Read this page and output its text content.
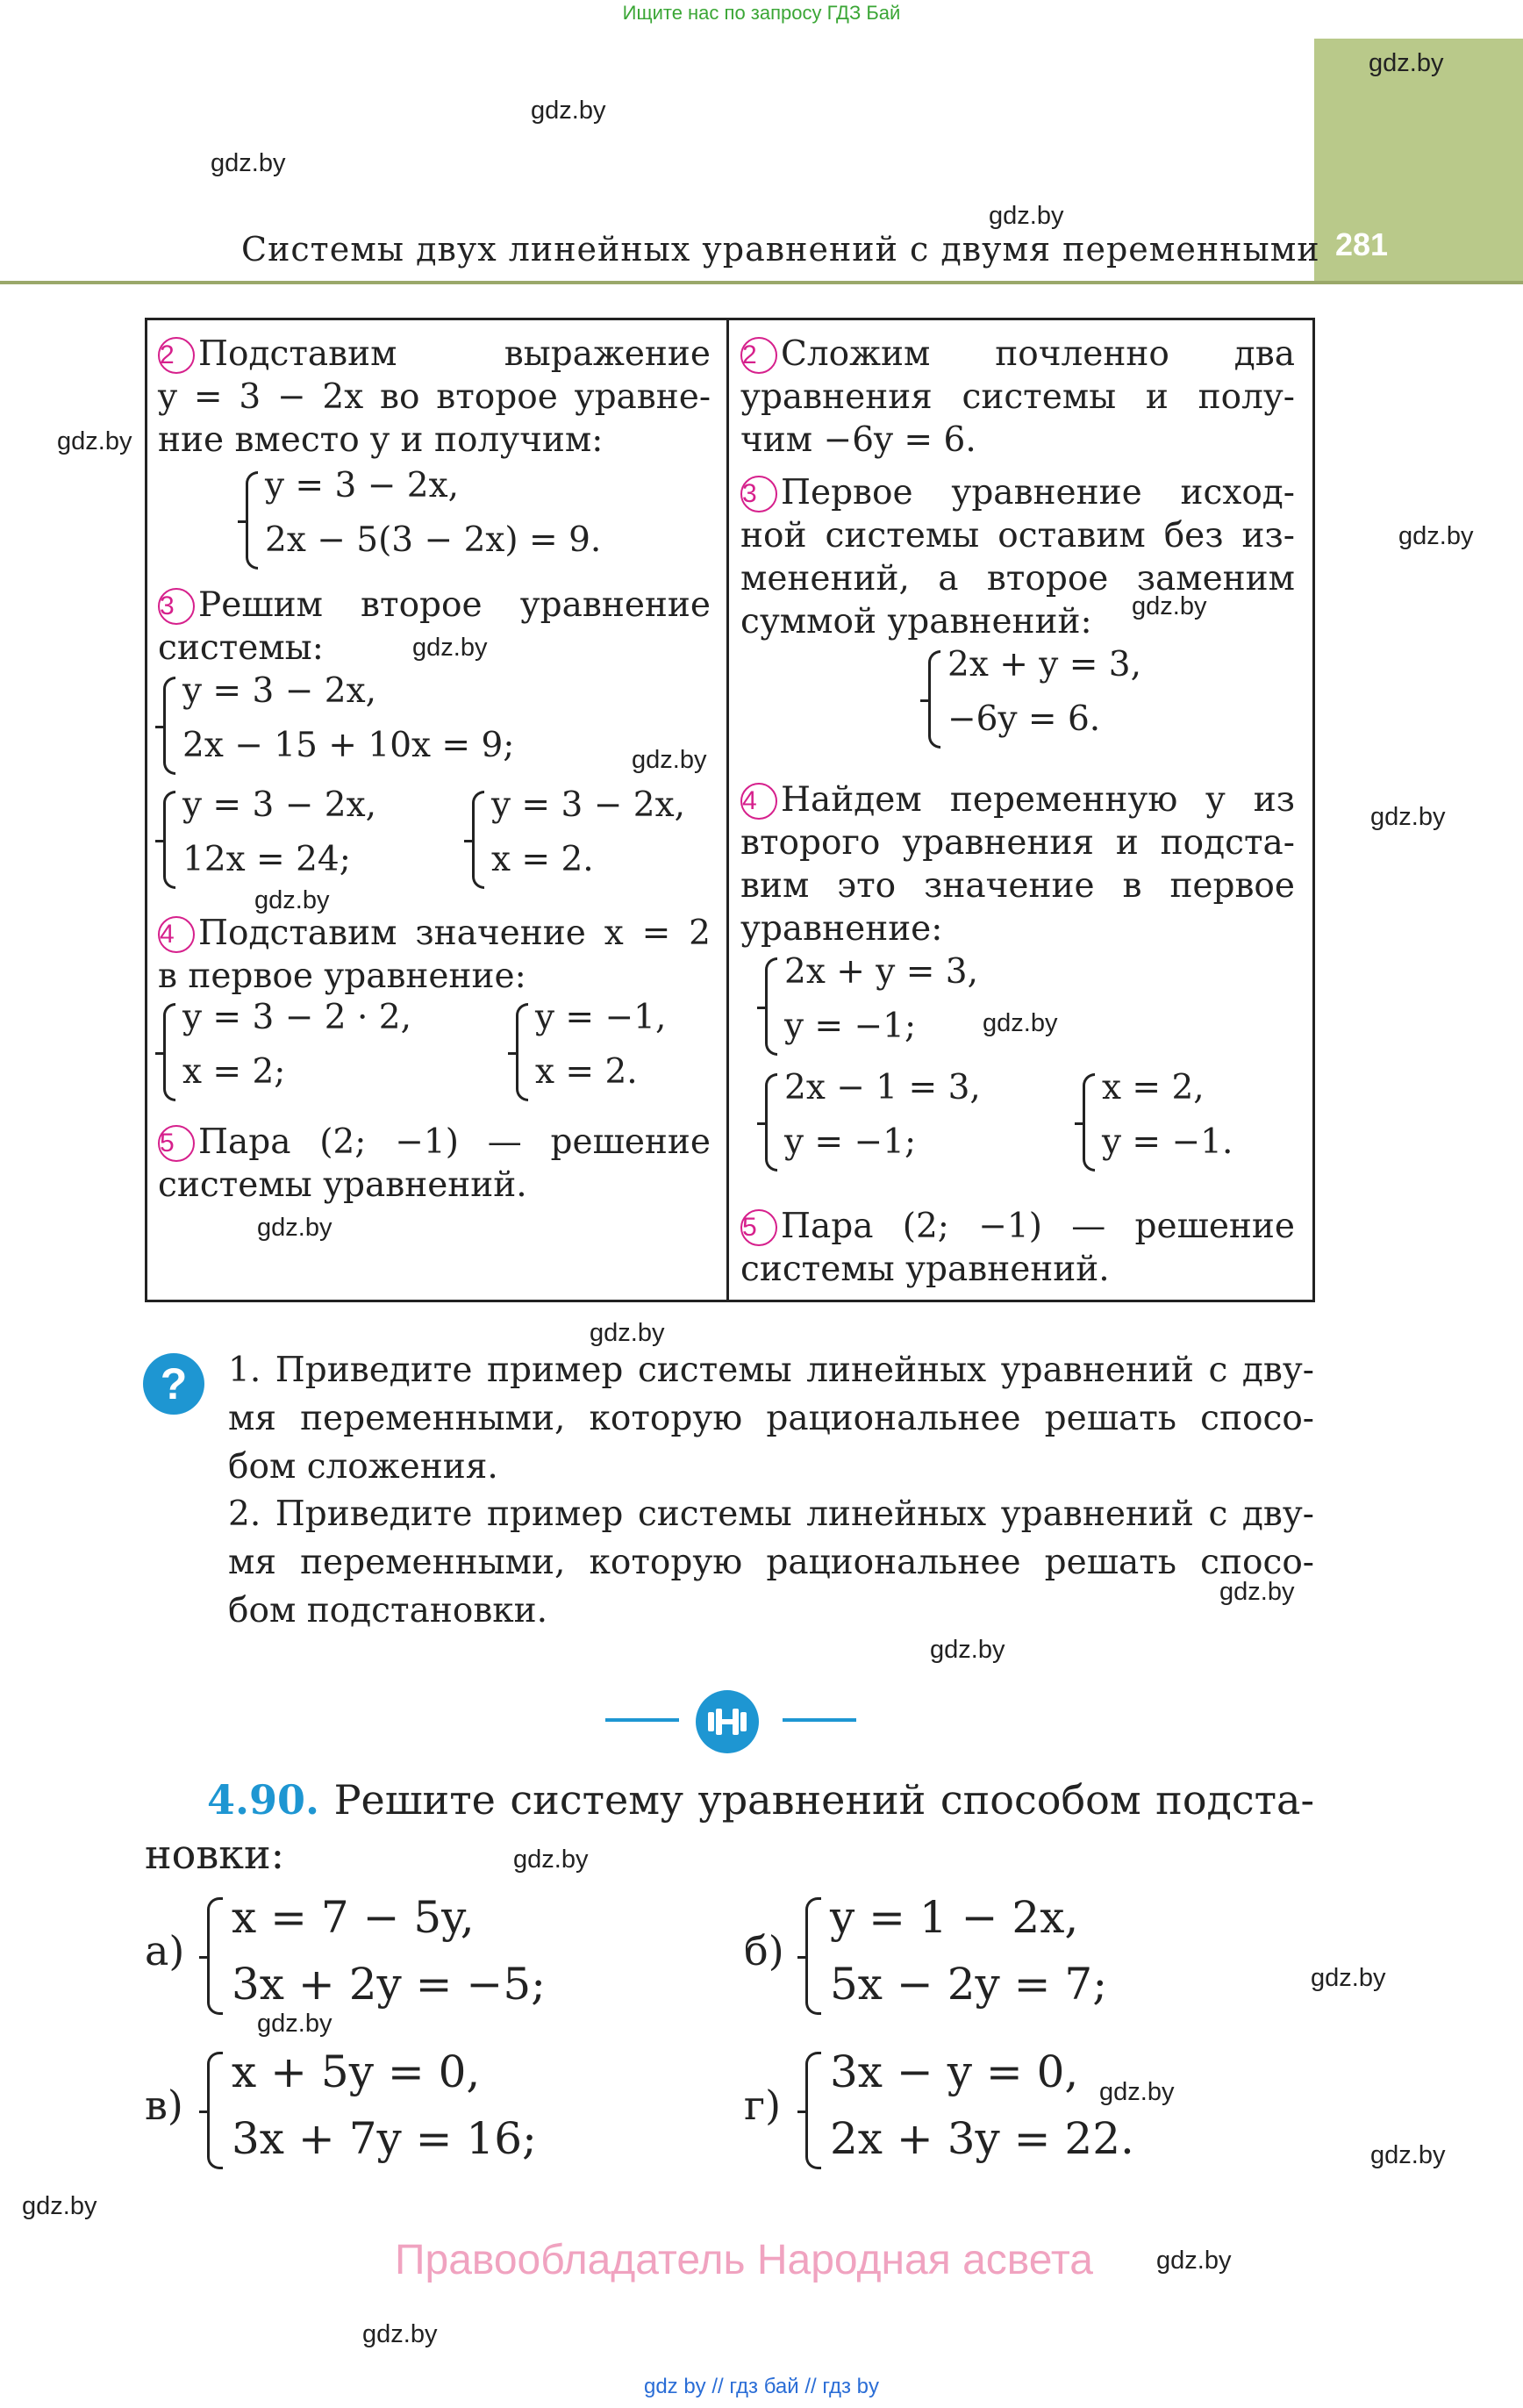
Ищите нас по запросу ГДЗ Бай
281
Системы двух линейных уравнений с двумя переменными
gdz.by
gdz.by
gdz.by
gdz.by
gdz.by
gdz.by
gdz.by
gdz.by
gdz.by
gdz.by
gdz.by
gdz.by
gdz.by
gdz.by
gdz.by
gdz.by
gdz.by
gdz.by
gdz.by
gdz.by
gdz.by
gdz.by
gdz.by
gdz.by
2 Подставим выражение
y = 3 − 2x во второе уравне-
ние вместо y и получим:
y = 3 − 2x,
2x − 5(3 − 2x) = 9.
3 Решим второе уравнение
системы:
y = 3 − 2x,
2x − 15 + 10x = 9;
y = 3 − 2x,
12x = 24;
y = 3 − 2x,
x = 2.
4 Подставим значение x = 2
в первое уравнение:
y = 3 − 2 · 2,
x = 2;
y = −1,
x = 2.
5 Пара (2; −1) — решение
системы уравнений.
2 Сложим почленно два
уравнения системы и полу-
чим −6y = 6.
3 Первое уравнение исход-
ной системы оставим без из-
менений, а второе заменим
суммой уравнений:
2x + y = 3,
−6y = 6.
4 Найдем переменную y из
второго уравнения и подста-
вим это значение в первое
уравнение:
2x + y = 3,
y = −1;
2x − 1 = 3,
y = −1;
x = 2,
y = −1.
5 Пара (2; −1) — решение
системы уравнений.
?	1. Приведите пример системы линейных уравнений с дву-
мя переменными, которую рациональнее решать спосо-
бом сложения.
2. Приведите пример системы линейных уравнений с дву-
мя переменными, которую рациональнее решать спосо-
бом подстановки.
4.90. Решите систему уравнений способом подста-
новки:
а)
x = 7 − 5y,
3x + 2y = −5;
б)
y = 1 − 2x,
5x − 2y = 7;
в)
x + 5y = 0,
3x + 7y = 16;
г)
3x − y = 0,
2x + 3y = 22.
Правообладатель Народная асвета
gdz by // гдз бай // гдз by
